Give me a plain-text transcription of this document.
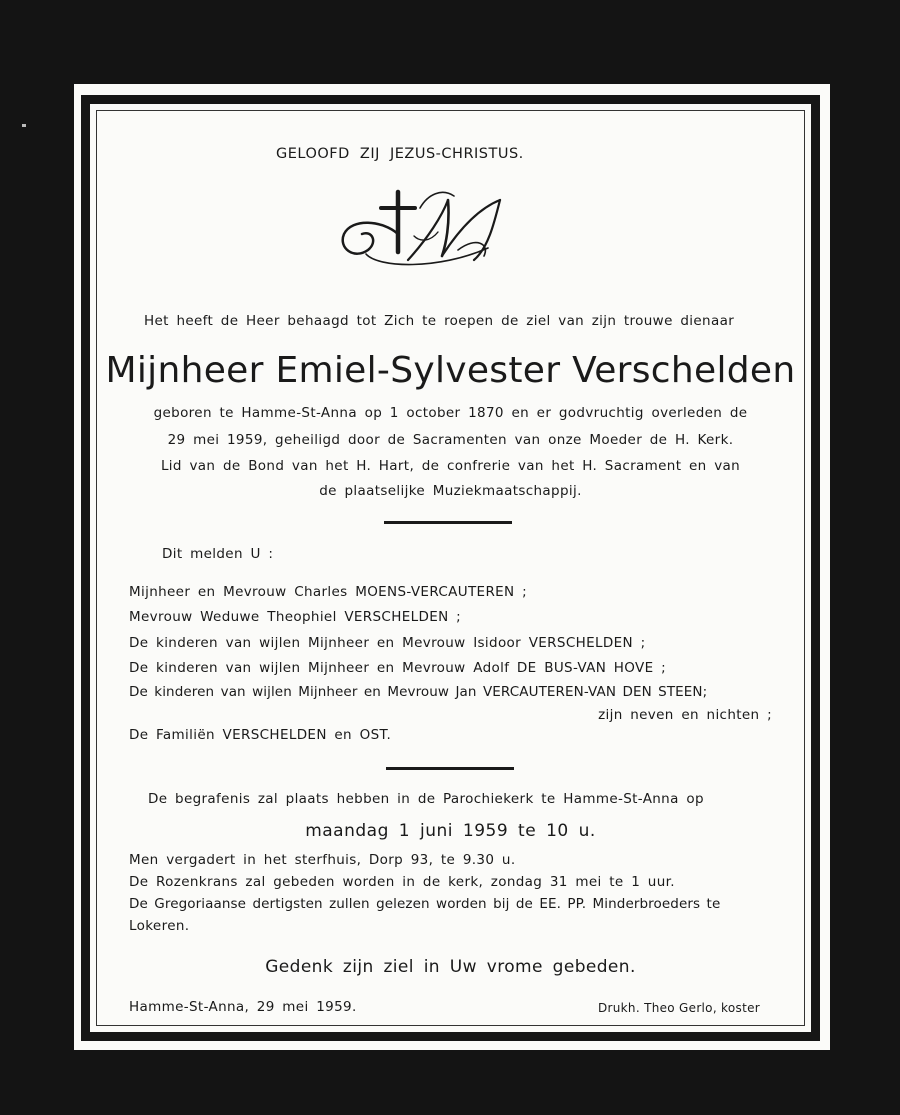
GELOOFD ZIJ JEZUS-CHRISTUS.
Het heeft de Heer behaagd tot Zich te roepen de ziel van zijn trouwe dienaar
Mijnheer Emiel-Sylvester Verschelden
geboren te Hamme-St-Anna op 1 october 1870 en er godvruchtig overleden de
29 mei 1959, geheiligd door de Sacramenten van onze Moeder de H. Kerk.
Lid van de Bond van het H. Hart, de confrerie van het H. Sacrament en van
de plaatselijke Muziekmaatschappij.
Dit melden U :
Mijnheer en Mevrouw Charles MOENS-VERCAUTEREN ;
Mevrouw Weduwe Theophiel VERSCHELDEN ;
De kinderen van wijlen Mijnheer en Mevrouw Isidoor VERSCHELDEN ;
De kinderen van wijlen Mijnheer en Mevrouw Adolf DE BUS-VAN HOVE ;
De kinderen van wijlen Mijnheer en Mevrouw Jan VERCAUTEREN-VAN DEN STEEN;
zijn neven en nichten ;
De Familiën VERSCHELDEN en OST.
De begrafenis zal plaats hebben in de Parochiekerk te Hamme-St-Anna op
maandag 1 juni 1959 te 10 u.
Men vergadert in het sterfhuis, Dorp 93, te 9.30 u.
De Rozenkrans zal gebeden worden in de kerk, zondag 31 mei te 1 uur.
De Gregoriaanse dertigsten zullen gelezen worden bij de EE. PP. Minderbroeders te
Lokeren.
Gedenk zijn ziel in Uw vrome gebeden.
Hamme-St-Anna, 29 mei 1959.	Drukh. Theo Gerlo, koster
